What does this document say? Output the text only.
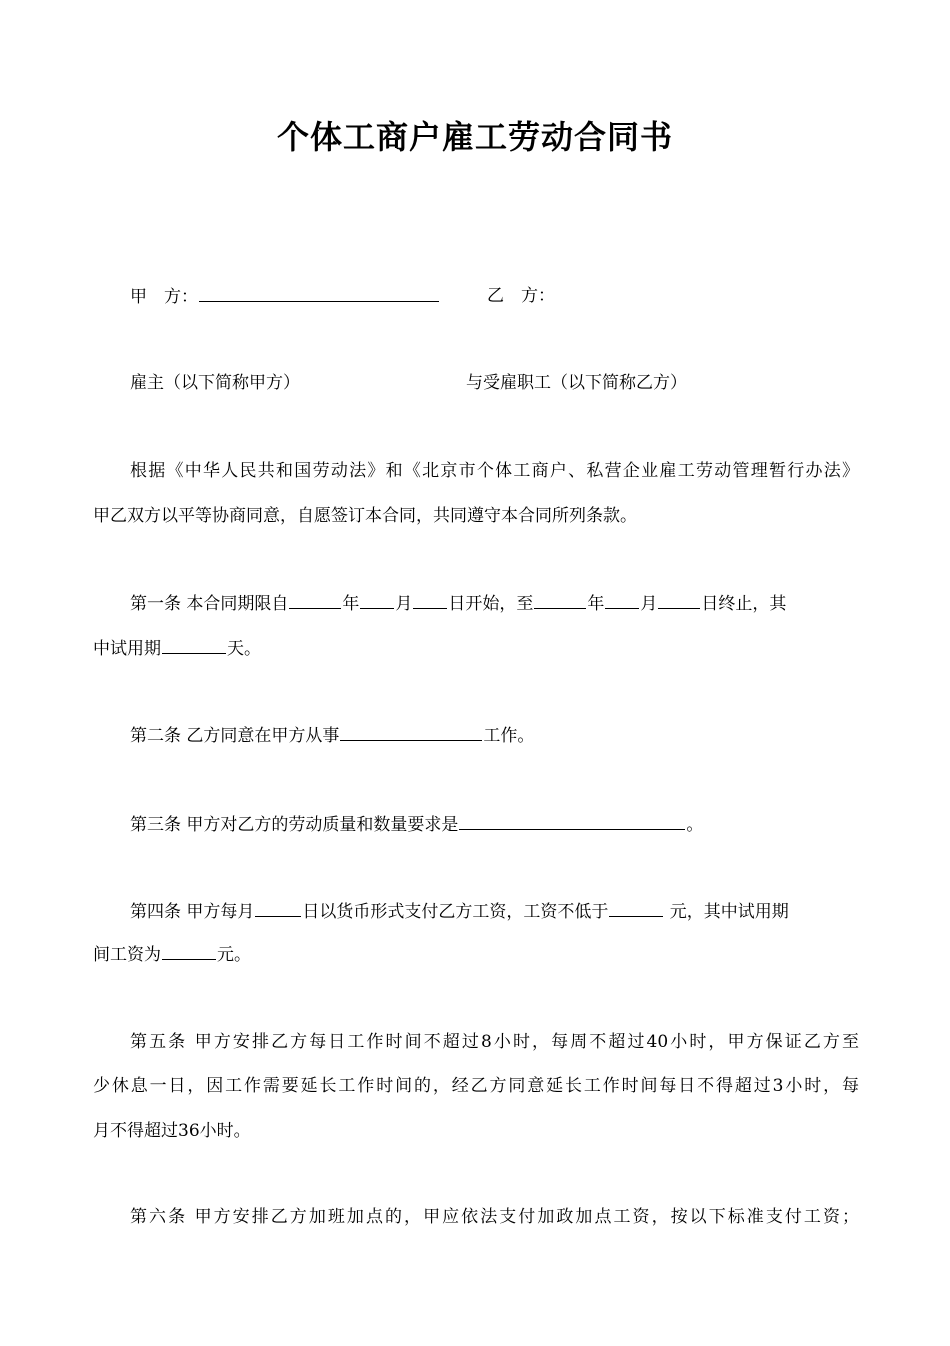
个体工商户雇工劳动合同书
甲　方：	乙　方：
雇主（以下简称甲方）	与受雇职工（以下简称乙方）
根据《中华人民共和国劳动法》和《北京市个体工商户、私营企业雇工劳动管理暂行办法》
甲乙双方以平等协商同意，自愿签订本合同，共同遵守本合同所列条款。
第一条 本合同期限自	年 月 日开始，至	年 月	日终止，其
中试用期	天。
第二条 乙方同意在甲方从事	工作。
第三条 甲方对乙方的劳动质量和数量要求是	。
第四条 甲方每月	日以货币形式支付乙方工资，工资不低于	元，其中试用期
间工资为	元。
第五条 甲方安排乙方每日工作时间不超过8小时，每周不超过40小时，甲方保证乙方至
少休息一日，因工作需要延长工作时间的，经乙方同意延长工作时间每日不得超过3小时，每
月不得超过36小时。
第六条 甲方安排乙方加班加点的，甲应依法支付加政加点工资，按以下标准支付工资；
